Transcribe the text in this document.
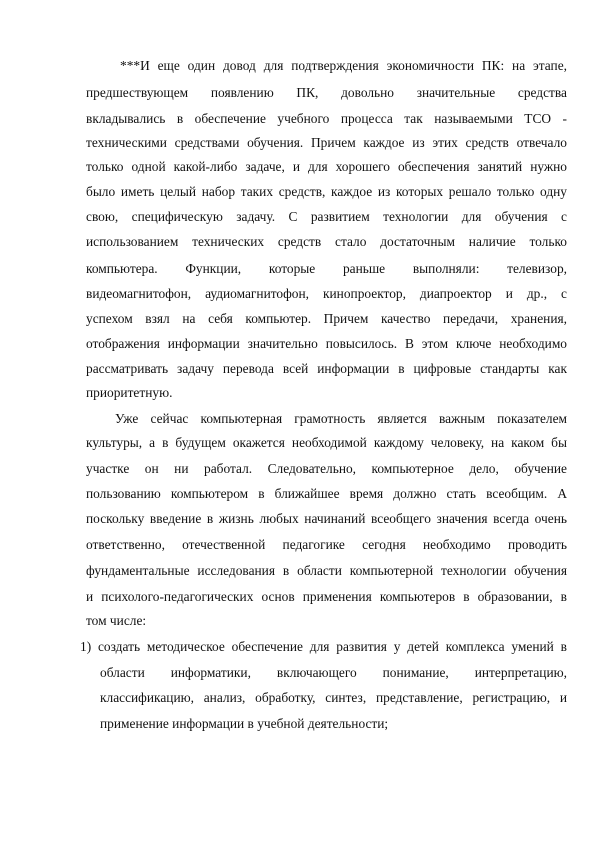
***И еще один довод для подтверждения экономичности ПК: на этапе,
предшествующем появлению ПК, довольно значительные средства
вкладывались в обеспечение учебного процесса так называемыми ТСО -
техническими средствами обучения. Причем каждое из этих средств отвечало
только одной какой-либо задаче, и для хорошего обеспечения занятий нужно
было иметь целый набор таких средств, каждое из которых решало только одну
свою, специфическую задачу. С развитием технологии для обучения с
использованием технических средств стало достаточным наличие только
компьютера. Функции, которые раньше выполняли: телевизор,
видеомагнитофон, аудиомагнитофон, кинопроектор, диапроектор и др., с
успехом взял на себя компьютер. Причем качество передачи, хранения,
отображения информации значительно повысилось. В этом ключе необходимо
рассматривать задачу перевода всей информации в цифровые стандарты как
приоритетную.
Уже сейчас компьютерная грамотность является важным показателем
культуры, а в будущем окажется необходимой каждому человеку, на каком бы
участке он ни работал. Следовательно, компьютерное дело, обучение
пользованию компьютером в ближайшее время должно стать всеобщим. А
поскольку введение в жизнь любых начинаний всеобщего значения всегда очень
ответственно, отечественной педагогике сегодня необходимо проводить
фундаментальные исследования в области компьютерной технологии обучения
и психолого-педагогических основ применения компьютеров в образовании, в
том числе:
1) создать методическое обеспечение для развития у детей комплекса умений в
области информатики, включающего понимание, интерпретацию,
классификацию, анализ, обработку, синтез, представление, регистрацию, и
применение информации в учебной деятельности;
